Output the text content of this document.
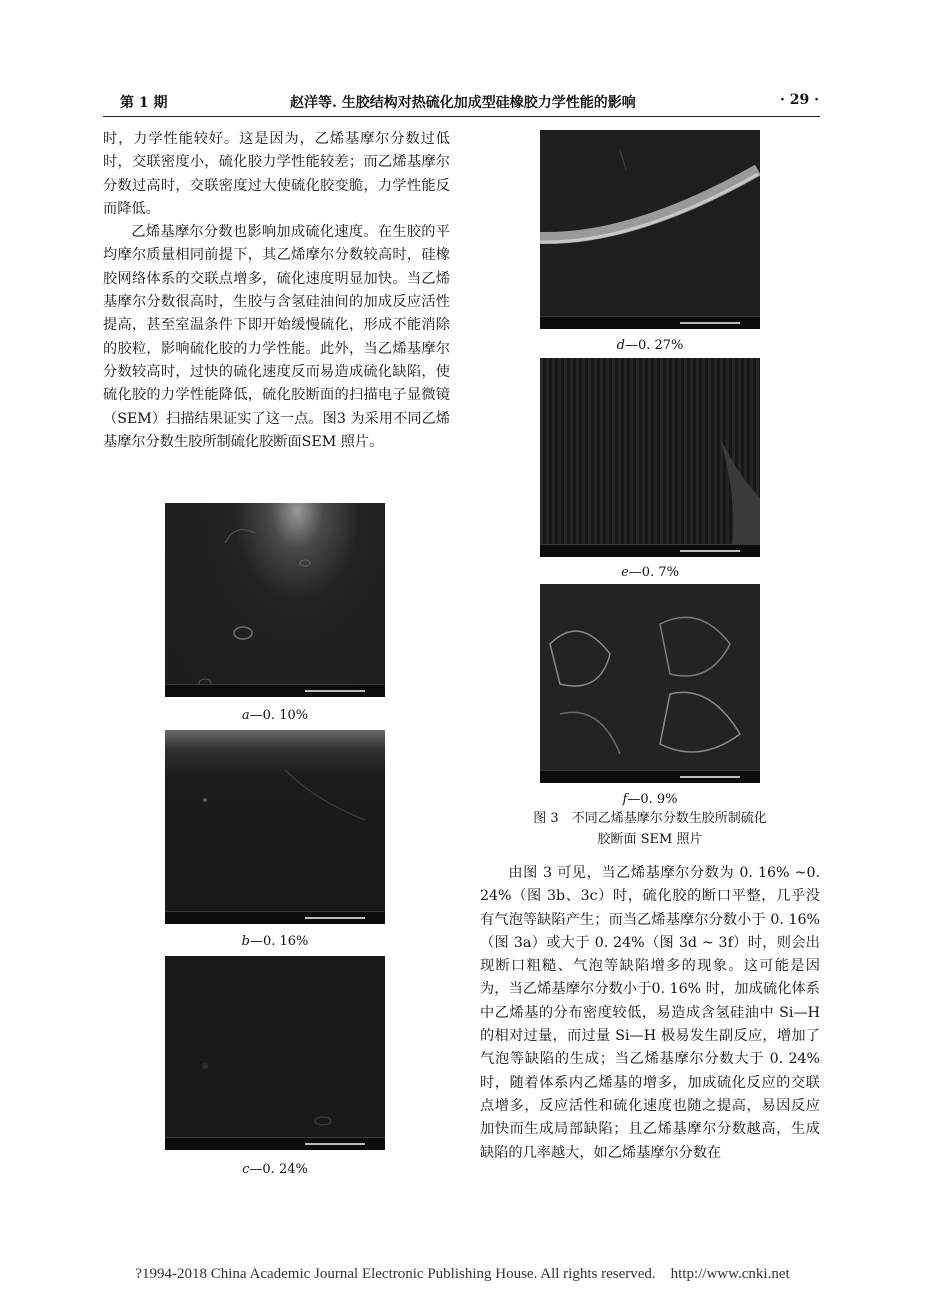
第 1 期	赵洋等. 生胶结构对热硫化加成型硅橡胶力学性能的影响	· 29 ·

时，力学性能较好。这是因为，乙烯基摩尔分数过低时，交联密度小，硫化胶力学性能较差；而乙烯基摩尔分数过高时，交联密度过大使硫化胶变脆，力学性能反而降低。

乙烯基摩尔分数也影响加成硫化速度。在生胶的平均摩尔质量相同前提下，其乙烯摩尔分数较高时，硅橡胶网络体系的交联点增多，硫化速度明显加快。当乙烯基摩尔分数很高时，生胶与含氢硅油间的加成反应活性提高，甚至室温条件下即开始缓慢硫化，形成不能消除的胶粒，影响硫化胶的力学性能。此外，当乙烯基摩尔分数较高时，过快的硫化速度反而易造成硫化缺陷，使硫化胶的力学性能降低，硫化胶断面的扫描电子显微镜（SEM）扫描结果证实了这一点。图3 为采用不同乙烯基摩尔分数生胶所制硫化胶断面SEM 照片。

a—0. 10%
b—0. 16%
c—0. 24%
d—0. 27%
e—0. 7%
f—0. 9%
图 3　不同乙烯基摩尔分数生胶所制硫化
胶断面 SEM 照片

由图 3 可见，当乙烯基摩尔分数为 0. 16% ~0. 24%（图 3b、3c）时，硫化胶的断口平整，几乎没有气泡等缺陷产生；而当乙烯基摩尔分数小于 0. 16%（图 3a）或大于 0. 24%（图 3d ~ 3f）时，则会出现断口粗糙、气泡等缺陷增多的现象。这可能是因为，当乙烯基摩尔分数小于0. 16% 时，加成硫化体系中乙烯基的分布密度较低，易造成含氢硅油中 Si—H 的相对过量，而过量 Si—H 极易发生副反应，增加了气泡等缺陷的生成；当乙烯基摩尔分数大于 0. 24% 时，随着体系内乙烯基的增多，加成硫化反应的交联点增多，反应活性和硫化速度也随之提高，易因反应加快而生成局部缺陷；且乙烯基摩尔分数越高，生成缺陷的几率越大，如乙烯基摩尔分数在

?1994-2018 China Academic Journal Electronic Publishing House. All rights reserved.　http://www.cnki.net
